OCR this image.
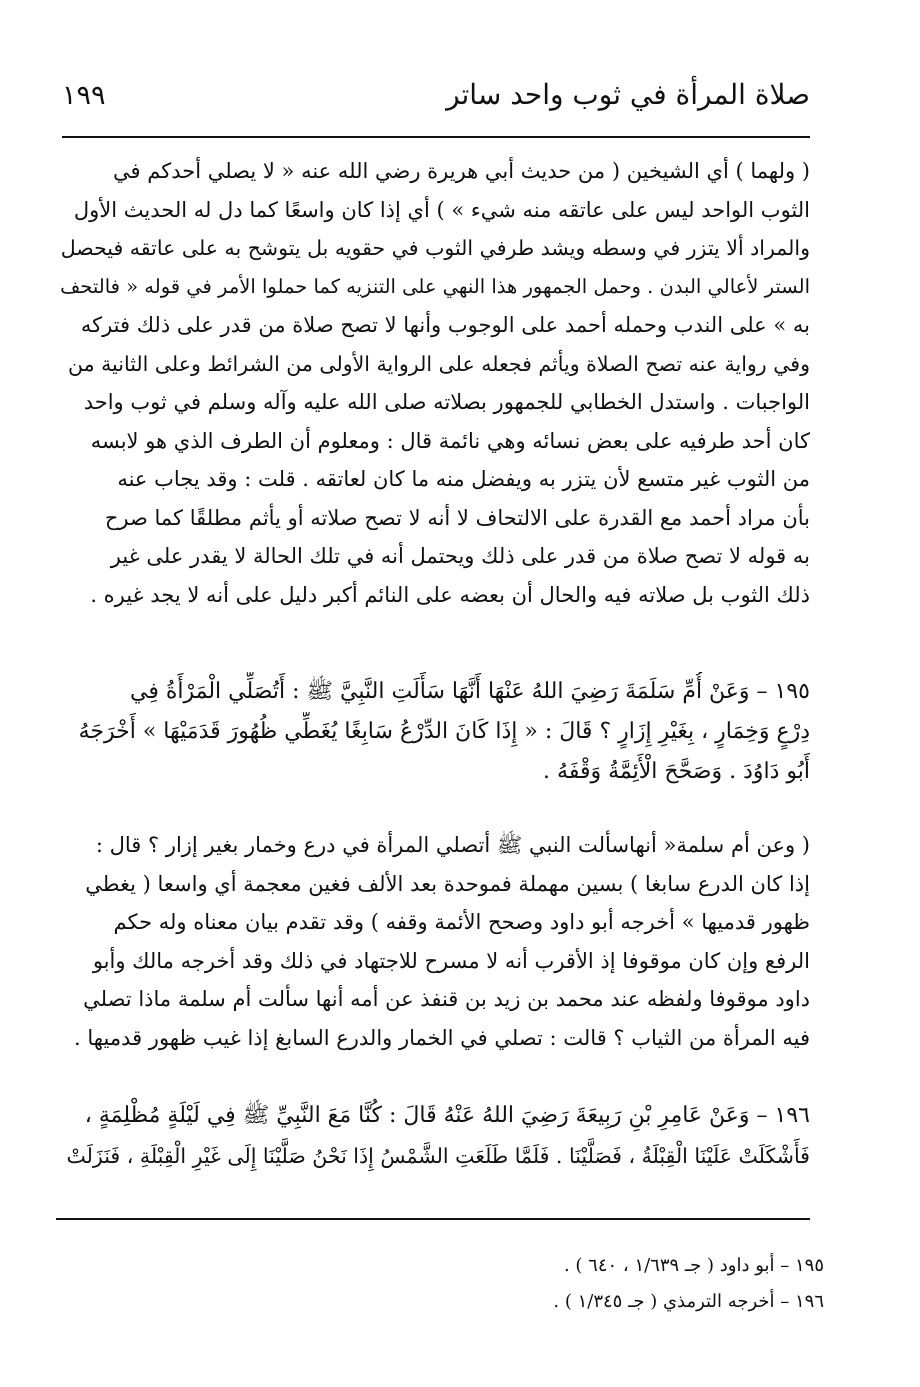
١٩٩	صلاة المرأة في ثوب واحد ساتر
( ولهما ) أي الشيخين ( من حديث أبي هريرة رضي الله عنه « لا يصلي أحدكم في
الثوب الواحد ليس على عاتقه منه شيء » ) أي إذا كان واسعًا كما دل له الحديث الأول
والمراد ألا يتزر في وسطه ويشد طرفي الثوب في حقويه بل يتوشح به على عاتقه فيحصل
الستر لأعالي البدن . وحمل الجمهور هذا النهي على التنزيه كما حملوا الأمر في قوله « فالتحف
به » على الندب وحمله أحمد على الوجوب وأنها لا تصح صلاة من قدر على ذلك فتركه
وفي رواية عنه تصح الصلاة ويأثم فجعله على الرواية الأولى من الشرائط وعلى الثانية من
الواجبات . واستدل الخطابي للجمهور بصلاته صلى الله عليه وآله وسلم في ثوب واحد
كان أحد طرفيه على بعض نسائه وهي نائمة قال : ومعلوم أن الطرف الذي هو لابسه
من الثوب غير متسع لأن يتزر به ويفضل منه ما كان لعاتقه . قلت : وقد يجاب عنه
بأن مراد أحمد مع القدرة على الالتحاف لا أنه لا تصح صلاته أو يأثم مطلقًا كما صرح
به قوله لا تصح صلاة من قدر على ذلك ويحتمل أنه في تلك الحالة لا يقدر على غير
ذلك الثوب بل صلاته فيه والحال أن بعضه على النائم أكبر دليل على أنه لا يجد غيره .
١٩٥ – وَعَنْ أُمِّ سَلَمَةَ رَضِيَ اللهُ عَنْهَا أَنَّهَا سَأَلَتِ النَّبِيَّ ﷺ : أَتُصَلِّي الْمَرْأَةُ فِي
دِرْعٍ وَخِمَارٍ ، بِغَيْرِ إِزَارٍ ؟ قَالَ : « إِذَا كَانَ الدِّرْعُ سَابِغًا يُغَطِّي ظُهُورَ قَدَمَيْهَا » أَخْرَجَهُ
أَبُو دَاوُدَ . وَصَحَّحَ الْأَئِمَّةُ وَقْفَهُ .
( وعن أم سلمة« أنهاسألت النبي ﷺ أتصلي المرأة في درع وخمار بغير إزار ؟ قال :
إذا كان الدرع سابغا ) بسين مهملة فموحدة بعد الألف فغين معجمة أي واسعا ( يغطي
ظهور قدميها » أخرجه أبو داود وصحح الأئمة وقفه ) وقد تقدم بيان معناه وله حكم
الرفع وإن كان موقوفا إذ الأقرب أنه لا مسرح للاجتهاد في ذلك وقد أخرجه مالك وأبو
داود موقوفا ولفظه عند محمد بن زيد بن قنفذ عن أمه أنها سألت أم سلمة ماذا تصلي
فيه المرأة من الثياب ؟ قالت : تصلي في الخمار والدرع السابغ إذا غيب ظهور قدميها .
١٩٦ – وَعَنْ عَامِرِ بْنِ رَبِيعَةَ رَضِيَ اللهُ عَنْهُ قَالَ : كُنَّا مَعَ النَّبِيِّ ﷺ فِي لَيْلَةٍ مُظْلِمَةٍ ،
فَأَشْكَلَتْ عَلَيْنَا الْقِبْلَةُ ، فَصَلَّيْنَا . فَلَمَّا طَلَعَتِ الشَّمْسُ إِذَا نَحْنُ صَلَّيْنَا إِلَى غَيْرِ الْقِبْلَةِ ، فَنَزَلَتْ
١٩٥ – أبو داود ( جـ ١/٦٣٩ ، ٦٤٠ ) .
١٩٦ – أخرجه الترمذي ( جـ ١/٣٤٥ ) .
